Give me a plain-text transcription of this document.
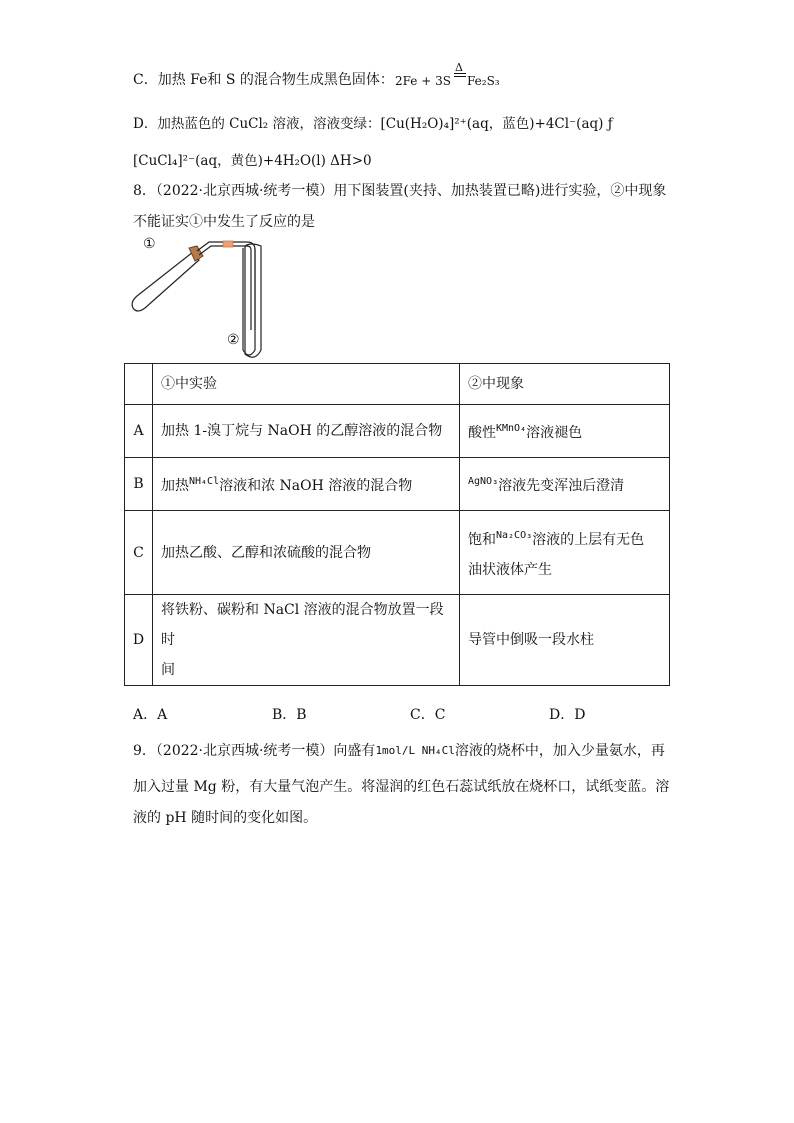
C．加热 Fe和 S 的混合物生成黑色固体： 2Fe + 3S
Δ
Fe₂S₃
D．加热蓝色的 CuCl₂ 溶液，溶液变绿：[Cu(H₂O)₄]²⁺(aq，蓝色)+4Cl⁻(aq) ƒ
[CuCl₄]²⁻(aq，黄色)+4H₂O(l) ΔH>0
8．（2022·北京西城·统考一模）用下图装置(夹持、加热装置已略)进行实验，②中现象
不能证实①中发生了反应的是
①
②
	①中实验	②中现象
A	加热 1-溴丁烷与 NaOH 的乙醇溶液的混合物	酸性$^{KMnO_4}$溶液褪色
B	加热$^{NH_4Cl}$溶液和浓 NaOH 溶液的混合物	$^{AgNO_3}$溶液先变浑浊后澄清
C	加热乙酸、乙醇和浓硫酸的混合物	饱和$^{Na_2CO_3}$溶液的上层有无色
油状液体产生

D	将铁粉、碳粉和 NaCl 溶液的混合物放置一段时
间	导管中倒吸一段水柱
A．A	B．B	C．C	D．D
9．（2022·北京西城·统考一模）向盛有1mol/L NH₄Cl溶液的烧杯中，加入少量氨水，再
加入过量 Mg 粉，有大量气泡产生。将湿润的红色石蕊试纸放在烧杯口，试纸变蓝。溶
液的 pH 随时间的变化如图。
